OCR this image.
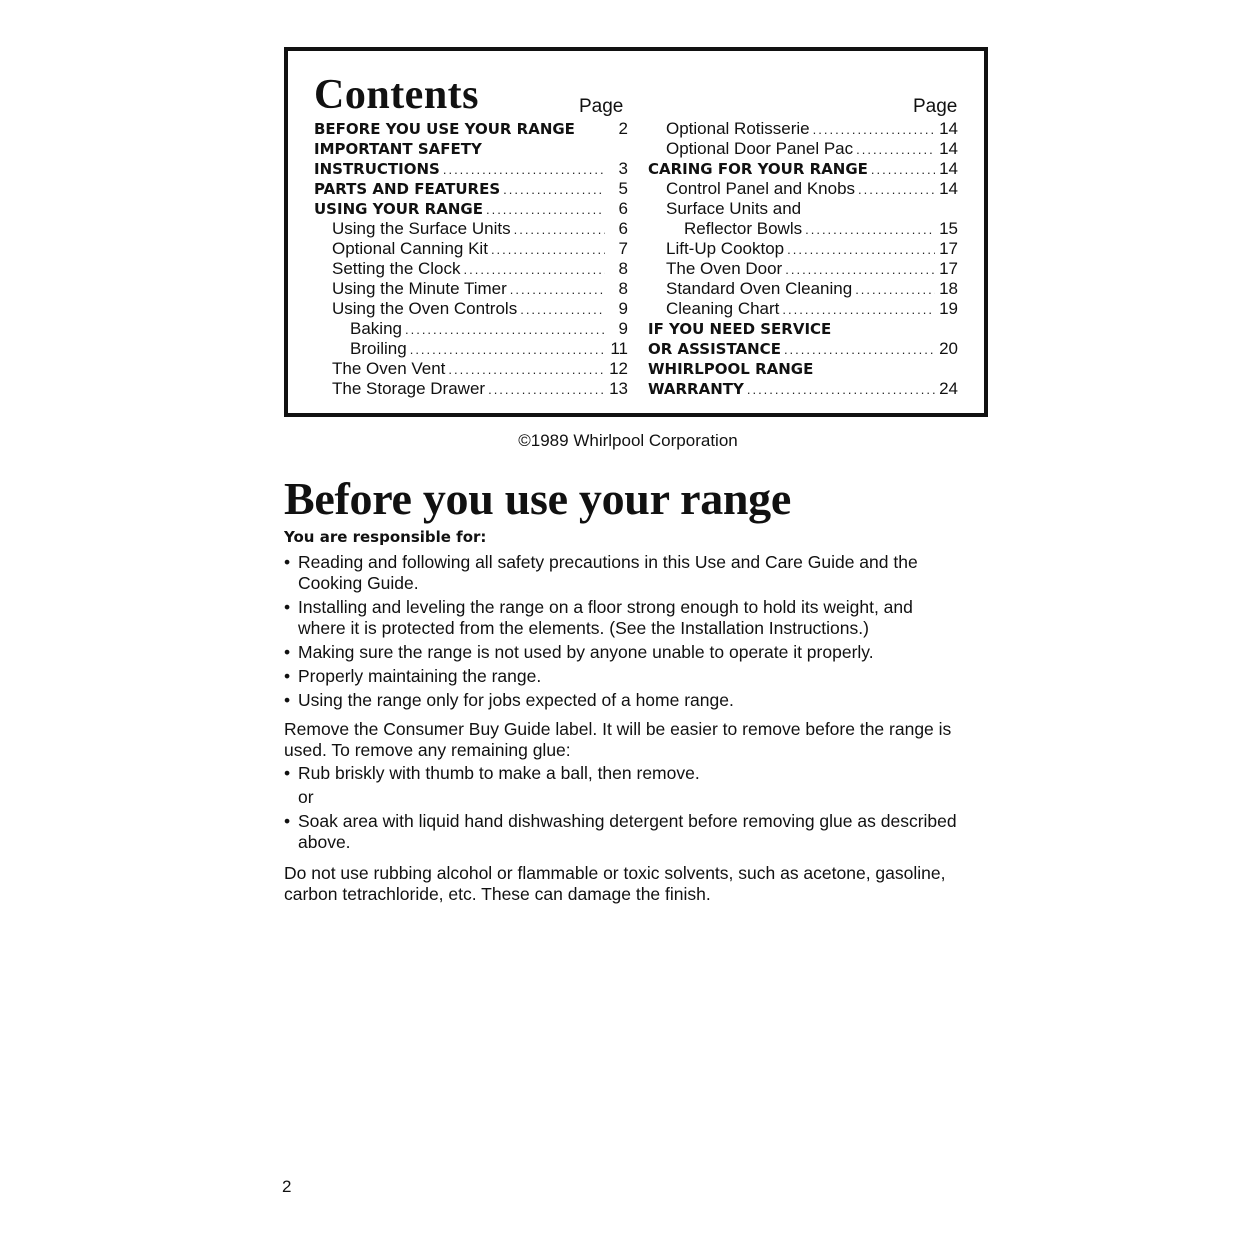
Contents	Page	Page
BEFORE YOU USE YOUR RANGE	2
IMPORTANT SAFETY
INSTRUCTIONS .....	3
PARTS AND FEATURES .....	5
USING YOUR RANGE .....	6
Using the Surface Units .....	6
Optional Canning Kit .....	7
Setting the Clock .....	8
Using the Minute Timer .....	8
Using the Oven Controls .....	9
Baking .....	9
Broiling .....	11
The Oven Vent .....	12
The Storage Drawer .....	13
Optional Rotisserie .....	14
Optional Door Panel Pac .....	14
CARING FOR YOUR RANGE .....	14
Control Panel and Knobs .....	14
Surface Units and
Reflector Bowls .....	15
Lift-Up Cooktop .....	17
The Oven Door .....	17
Standard Oven Cleaning .....	18
Cleaning Chart .....	19
IF YOU NEED SERVICE
OR ASSISTANCE .....	20
WHIRLPOOL RANGE
WARRANTY .....	24
©1989 Whirlpool Corporation
Before you use your range

You are responsible for:

• Reading and following all safety precautions in this Use and Care Guide and the Cooking Guide.
• Installing and leveling the range on a floor strong enough to hold its weight, and where it is protected from the elements. (See the Installation Instructions.)
• Making sure the range is not used by anyone unable to operate it properly.
• Properly maintaining the range.
• Using the range only for jobs expected of a home range.

Remove the Consumer Buy Guide label. It will be easier to remove before the range is used. To remove any remaining glue:

• Rub briskly with thumb to make a ball, then remove.
or
• Soak area with liquid hand dishwashing detergent before removing glue as described above.

Do not use rubbing alcohol or flammable or toxic solvents, such as acetone, gasoline, carbon tetrachloride, etc. These can damage the finish.

2
